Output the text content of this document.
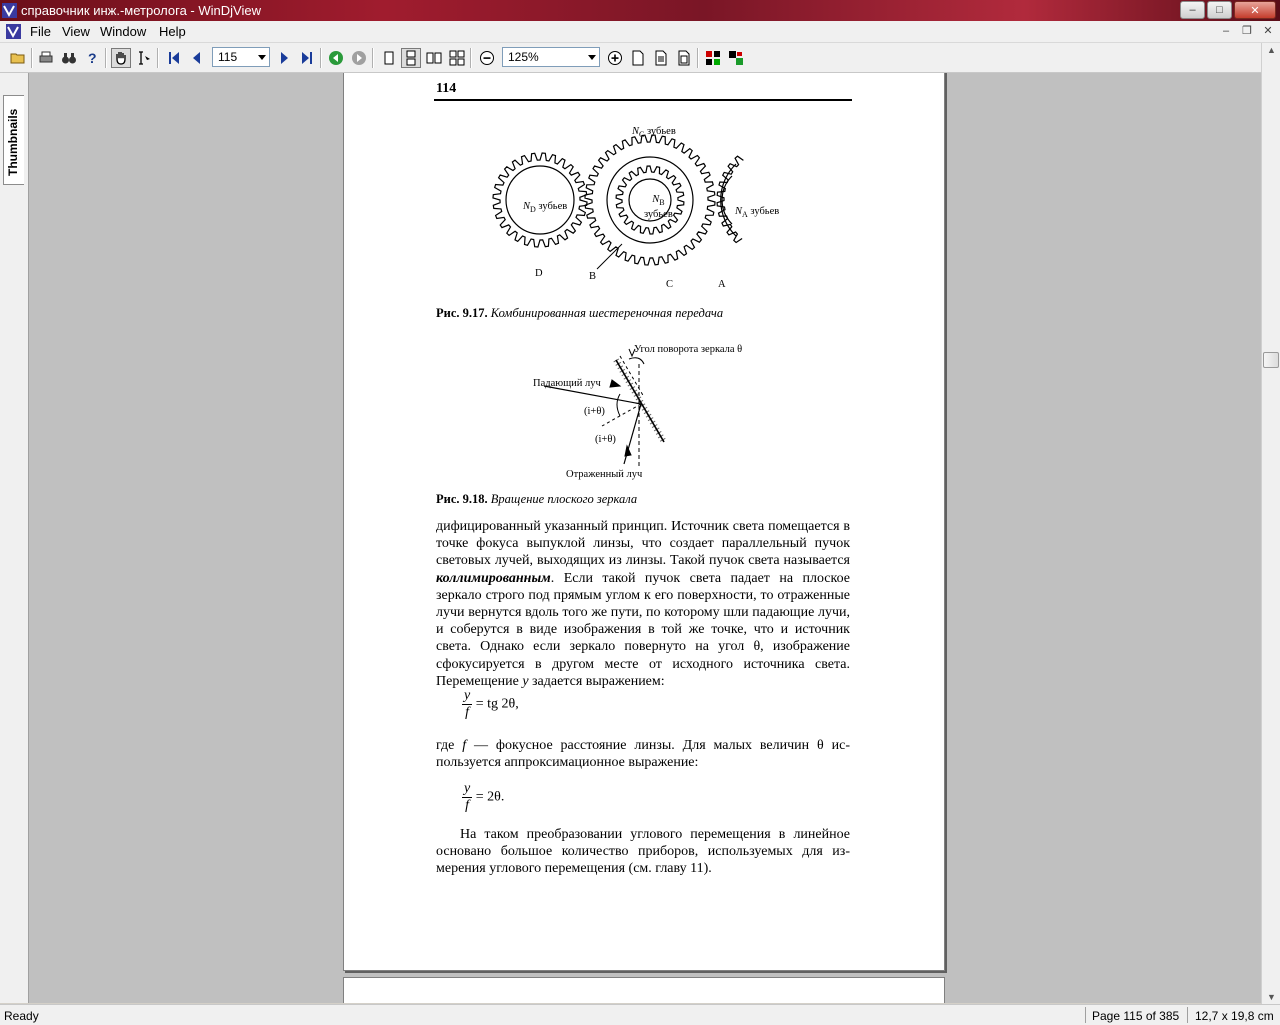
справочник инж.-метролога - WinDjView	–	□	✕
File View Window Help	–	❐	✕
?	115	125%
Thumbnails
114
$N_C$ зубьев
$N_D$ зубьев
$N_B$
зубьев	$N_A$ зубьев
D	B
C	A
Рис. 9.17. Комбинированная шестереночная передача
Угол поворота зеркала θ
Падающий луч
(i+θ)
(i+θ)
Отраженный луч
Рис. 9.18. Вращение плоского зеркала

дифицированный указанный принцип. Источник света помещается в точке фокуса выпуклой линзы, что создает параллельный пучок световых лучей, выходящих из линзы. Такой пучок света называется коллимированным. Если такой пучок света падает на плоское зеркало строго под прямым углом к его поверхности, то отраженные лучи вернутся вдоль того же пути, по которому шли падающие лучи, и соберутся в виде изображения в той же точке, что и источник света. Однако если зеркало повернуто на угол θ, изображение сфокусируется в другом месте от исходного источника света. Перемещение y задается выражением:

$\frac{y}{f}$ = tg 2θ,

где f — фокусное расстояние линзы. Для малых величин θ используется аппроксимационное выражение:

$\frac{y}{f} = 2\theta$.

На таком преобразовании углового перемещения в линейное основано большое количество приборов, используемых для измерения углового перемещения (см. главу 11).

▲
▼
Ready	Page 115 of 385 12,7 x 19,8 cm
